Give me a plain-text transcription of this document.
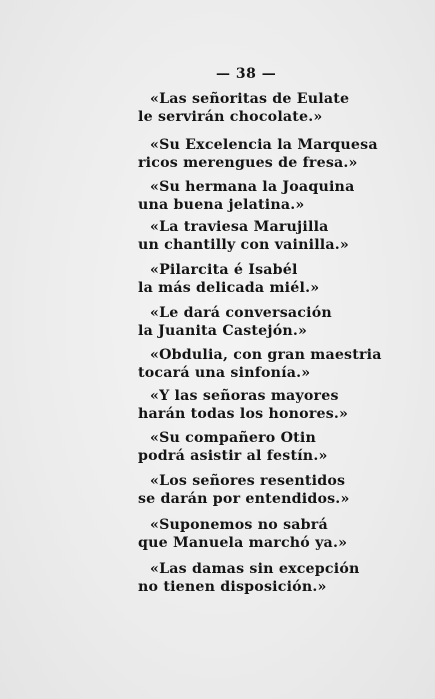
— 38 —
«Las señoritas de Eulate
le servirán chocolate.»
«Su Excelencia la Marquesa
ricos merengues de fresa.»
«Su hermana la Joaquina
una buena jelatina.»
«La traviesa Marujilla
un chantilly con vainilla.»
«Pilarcita é Isabél
la más delicada miél.»
«Le dará conversación
la Juanita Castejón.»
«Obdulia, con gran maestria
tocará una sinfonía.»
«Y las señoras mayores
harán todas los honores.»
«Su compañero Otin
podrá asistir al festín.»
«Los señores resentidos
se darán por entendidos.»
«Suponemos no sabrá
que Manuela marchó ya.»
«Las damas sin excepción
no tienen disposición.»
